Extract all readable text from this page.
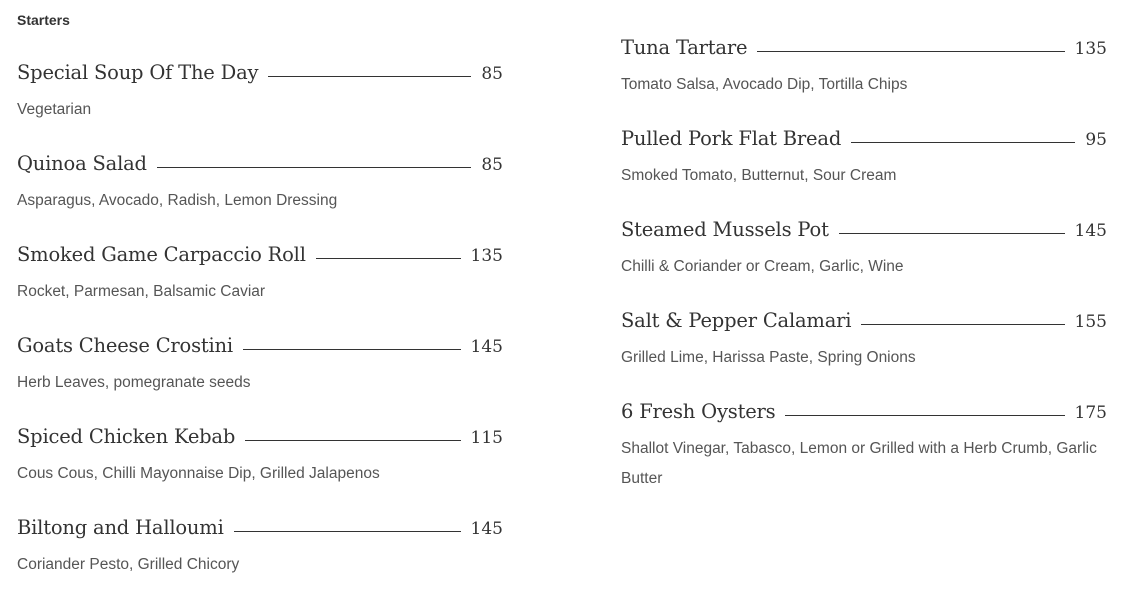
Starters
Special Soup Of The Day	85
Vegetarian
Quinoa Salad	85
Asparagus, Avocado, Radish, Lemon Dressing
Smoked Game Carpaccio Roll	135
Rocket, Parmesan, Balsamic Caviar
Goats Cheese Crostini	145
Herb Leaves, pomegranate seeds
Spiced Chicken Kebab	115
Cous Cous, Chilli Mayonnaise Dip, Grilled Jalapenos
Biltong and Halloumi	145
Coriander Pesto, Grilled Chicory
Tuna Tartare	135
Tomato Salsa, Avocado Dip, Tortilla Chips
Pulled Pork Flat Bread	95
Smoked Tomato, Butternut, Sour Cream
Steamed Mussels Pot	145
Chilli & Coriander or Cream, Garlic, Wine
Salt & Pepper Calamari	155
Grilled Lime, Harissa Paste, Spring Onions
6 Fresh Oysters	175
Shallot Vinegar, Tabasco, Lemon or Grilled with a Herb Crumb, Garlic Butter
